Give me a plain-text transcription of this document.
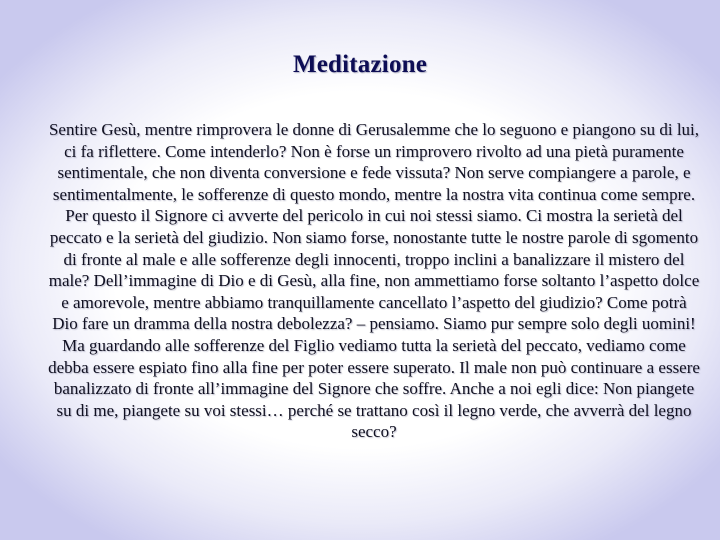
Meditazione

Sentire Gesù, mentre rimprovera le donne di Gerusalemme che lo seguono e piangono su di lui, ci fa riflettere. Come intenderlo? Non è forse un rimprovero rivolto ad una pietà puramente sentimentale, che non diventa conversione e fede vissuta? Non serve compiangere a parole, e sentimentalmente, le sofferenze di questo mondo, mentre la nostra vita continua come sempre. Per questo il Signore ci avverte del pericolo in cui noi stessi siamo. Ci mostra la serietà del peccato e la serietà del giudizio. Non siamo forse, nonostante tutte le nostre parole di sgomento di fronte al male e alle sofferenze degli innocenti, troppo inclini a banalizzare il mistero del male? Dell’immagine di Dio e di Gesù, alla fine, non ammettiamo forse soltanto l’aspetto dolce e amorevole, mentre abbiamo tranquillamente cancellato l’aspetto del giudizio? Come potrà Dio fare un dramma della nostra debolezza? – pensiamo. Siamo pur sempre solo degli uomini! Ma guardando alle sofferenze del Figlio vediamo tutta la serietà del peccato, vediamo come debba essere espiato fino alla fine per poter essere superato. Il male non può continuare a essere banalizzato di fronte all’immagine del Signore che soffre. Anche a noi egli dice: Non piangete su di me, piangete su voi stessi… perché se trattano così il legno verde, che avverrà del legno secco?
